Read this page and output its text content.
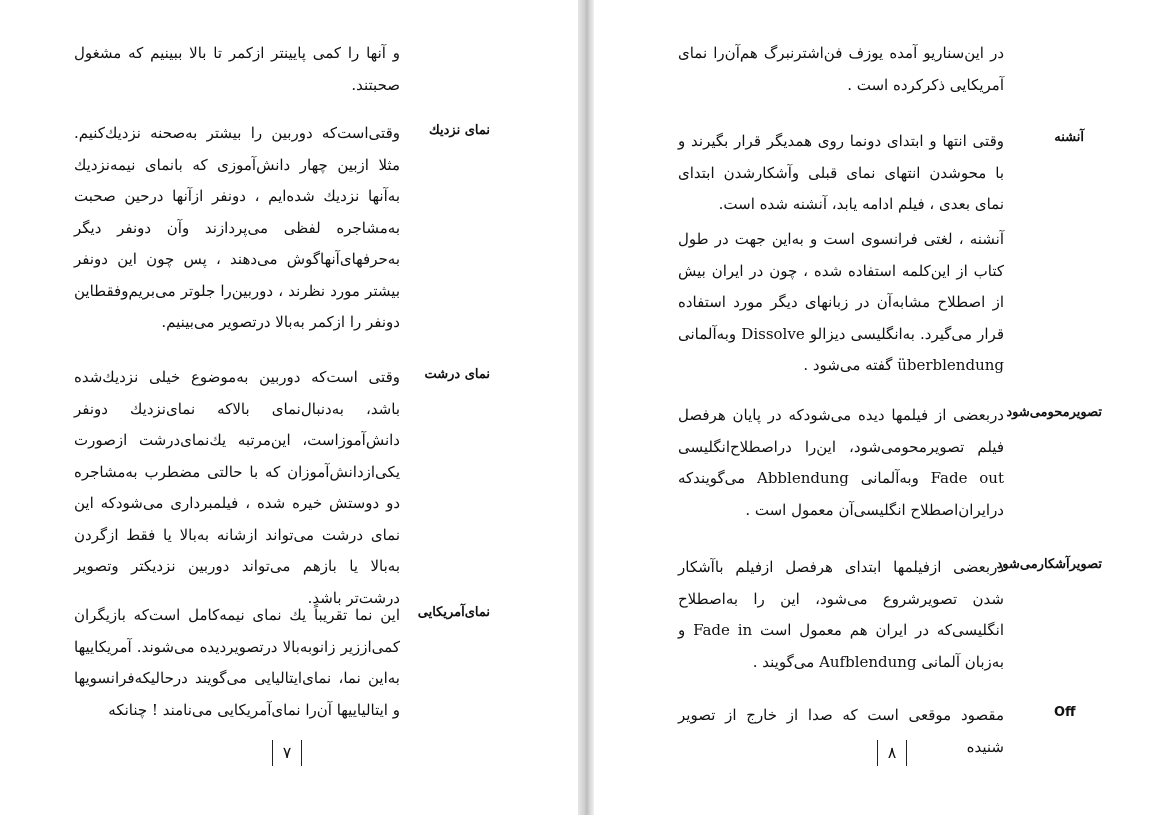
و آنها را کمی پایینتر ازکمر تا بالا ببینیم که مشغول صحبتند.

نمای نزدیك

وقتی‌است‌که دوربین را بیشتر بەصحنه نزدیك‌کنیم. مثلا ازبین چهار دانش‌آموزی که بانمای نیمه‌نزدیك به‌آنها نزدیك شده‌ایم ، دونفر ازآنها درحین صحبت بەمشاجره لفظی می‌پردازند وآن دونفر دیگر بەحرفهای‌آنها‌گوش می‌دهند ، پس چون این دونفر بیشتر مورد نظرند ، دوربین‌را جلوتر می‌بریم‌وفقطاین دونفر را ازکمر به‌بالا درتصویر می‌بینیم.

نمای درشت

وقتی است‌که دوربین بەموضوع خیلی نزدیك‌شده باشد، بەدنبال‌نمای بالاکه نمای‌نزدیك دونفر دانش‌آموزاست، این‌مرتبه یك‌نمای‌درشت ازصورت یکی‌ازدانش‌آموزان که با حالتی مضطرب بەمشاجره دو دوستش خیره شده ، فیلمبرداری می‌شودکه این نمای درشت می‌تواند ازشانه بەبالا یا فقط ازگردن به‌بالا یا بازهم می‌تواند دوربین نزدیکتر وتصویر درشت‌تر باشد.

نمای‌آمریکایی

این نما تقریباً یك نمای نیمه‌کامل است‌که بازیگران کمی‌اززیر زانو‌به‌بالا درتصویردیده می‌شوند. آمریکاییها به‌این نما، نمای‌ایتالیایی می‌گویند درحالیکه‌فرانسویها و ایتالیاییها آن‌را نمای‌آمریکایی می‌نامند ! چنانکه

۷

در این‌سناریو آمده یوزف فن‌اشترنبرگ هم‌آن‌را نمای آمریکایی ذکرکرده است .

آنشنه

وقتی انتها و ابتدای دونما روی همدیگر قرار بگیرند و با محوشدن انتهای نمای قبلی وآشکارشدن ابتدای نمای بعدی ، فیلم ادامه یابد، آنشنه شده است.

آنشنه ، لغتی فرانسوی است و به‌این جهت در طول کتاب از این‌کلمه استفاده شده ، چون در ایران بیش از اصطلاح مشابه‌آن در زبانهای دیگر مورد استفاده قرار می‌گیرد. به‌انگلیسی دیزالو Dissolve وبه‌آلمانی überblendung گفته می‌شود .

تصویرمحومی‌شود

دربعضی از فیلمها دیده می‌شودکه در پایان هرفصل فیلم تصویرمحومی‌شود، این‌را دراصطلاح‌انگلیسی Fade out وبه‌آلمانی Abblendung می‌گویندکه درایران‌اصطلاح انگلیسی‌آن معمول است .

تصویرآشکارمی‌شود

دربعضی ازفیلمها ابتدای هرفصل ازفیلم باآشکار شدن تصویرشروع می‌شود، این را به‌اصطلاح انگلیسی‌که در ایران هم معمول است Fade in و بەزبان آلمانی Aufblendung می‌گویند .

Off

مقصود موقعی است که صدا از خارج از تصویر شنیده

۸
